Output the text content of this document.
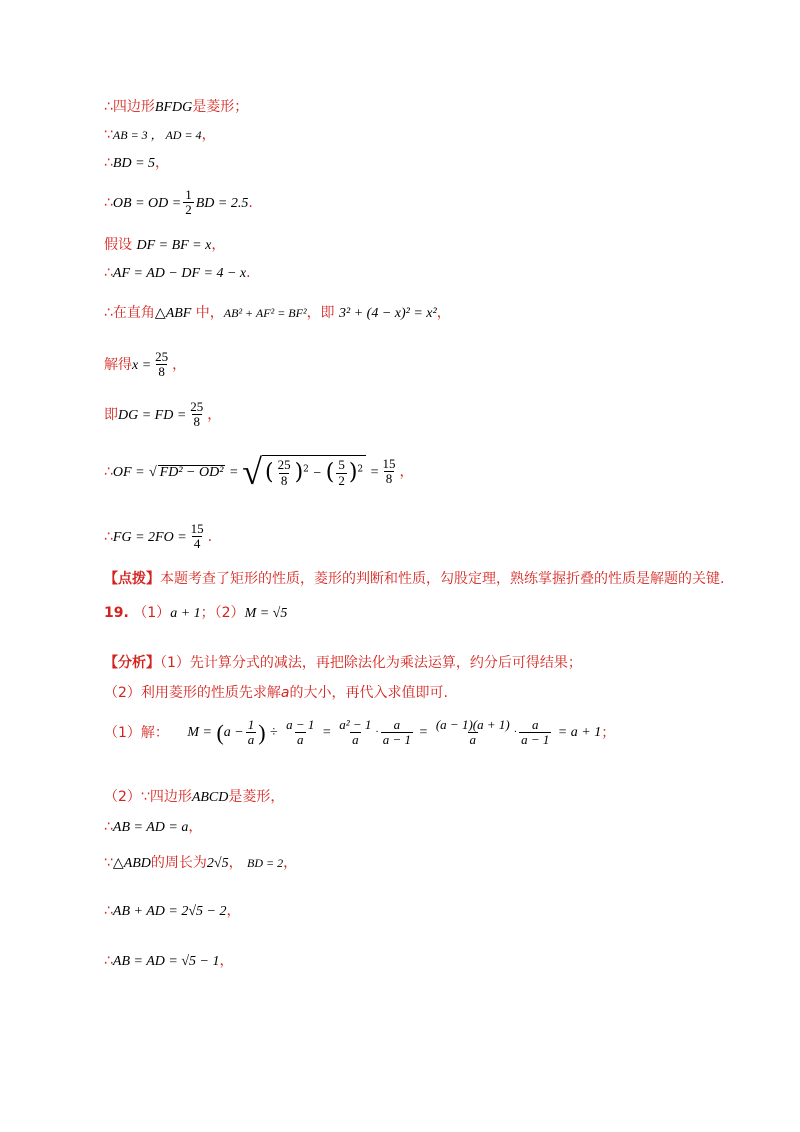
∴四边形BFDG是菱形；
∵AB = 3 ， AD = 4，
∴BD = 5，
∴OB = OD = $\frac{1}{2}$ BD = 2.5.
假设 DF = BF = x，
∴AF = AD − DF = 4 − x.
∴在直角△ABF 中，AB² + AF² = BF²，即 3² + (4 − x)² = x²，
解得$x = \frac{25}{8}$ ，
即DG = FD = $\frac{25}{8}$ ，
∴OF = √ FD² − OD² = √ ( $\frac{25}{8} )^2$ − ( $\frac{5}{2} )^2 = \frac{15}{8}$ ，
∴FG = $2FO = \frac{15}{4}$ .
【点拨】本题考查了矩形的性质，菱形的判断和性质，勾股定理，熟练掌握折叠的性质是解题的关键.
19. （1）a + 1；（2）M = √5
【分析】（1）先计算分式的减法，再把除法化为乘法运算，约分后可得结果；
（2）利用菱形的性质先求解a的大小，再代入求值即可.
（1）解： $M = (a - \frac{1}{a}$ ) ÷ $\frac{a - 1}{a} = \frac{\text{a² − 1}}{a} \cdot \frac{a}{a - 1} = \frac{(a - 1)(a + 1)}{a} \cdot \frac{a}{a - 1} = a + 1$；
（2）∵四边形ABCD是菱形，
∴AB = AD = a，
∵△ABD的周长为2√5， BD = 2，
∴AB + AD = 2√5 − 2，
∴AB = AD = √5 − 1，
